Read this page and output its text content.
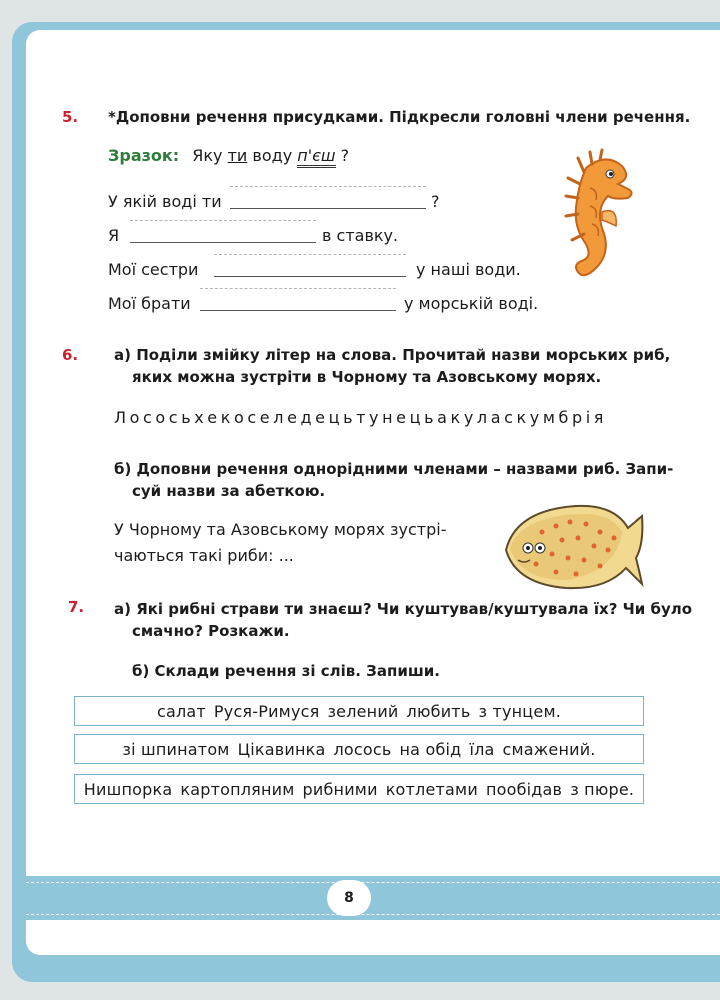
5. *Доповни речення присудками. Підкресли головні члени речення.
Зразок: Яку ти воду п'єш ?
У якій воді ти	?
Я	в ставку.
Мої сестри	у наші води.
Мої брати	у морській воді.
6. а) Поділи змійку літер на слова. Прочитай назви морських риб,
яких можна зустріти в Чорному та Азовському морях.
Лососьхекоселедецьтунецьакуласкумбрія
б) Доповни речення однорідними членами – назвами риб. Запи-
суй назви за абеткою.
У Чорному та Азовському морях зустрі-
чаються такі риби: ...
7. а) Які рибні страви ти знаєш? Чи куштував/куштувала їх? Чи було
смачно? Розкажи.
б) Склади речення зі слів. Запиши.
салат Руся-Римуся зелений любить з тунцем.
зі шпинатом Цікавинка лосось на обід їла смажений.
Нишпорка картопляним рибними котлетами пообідав з пюре.
8
